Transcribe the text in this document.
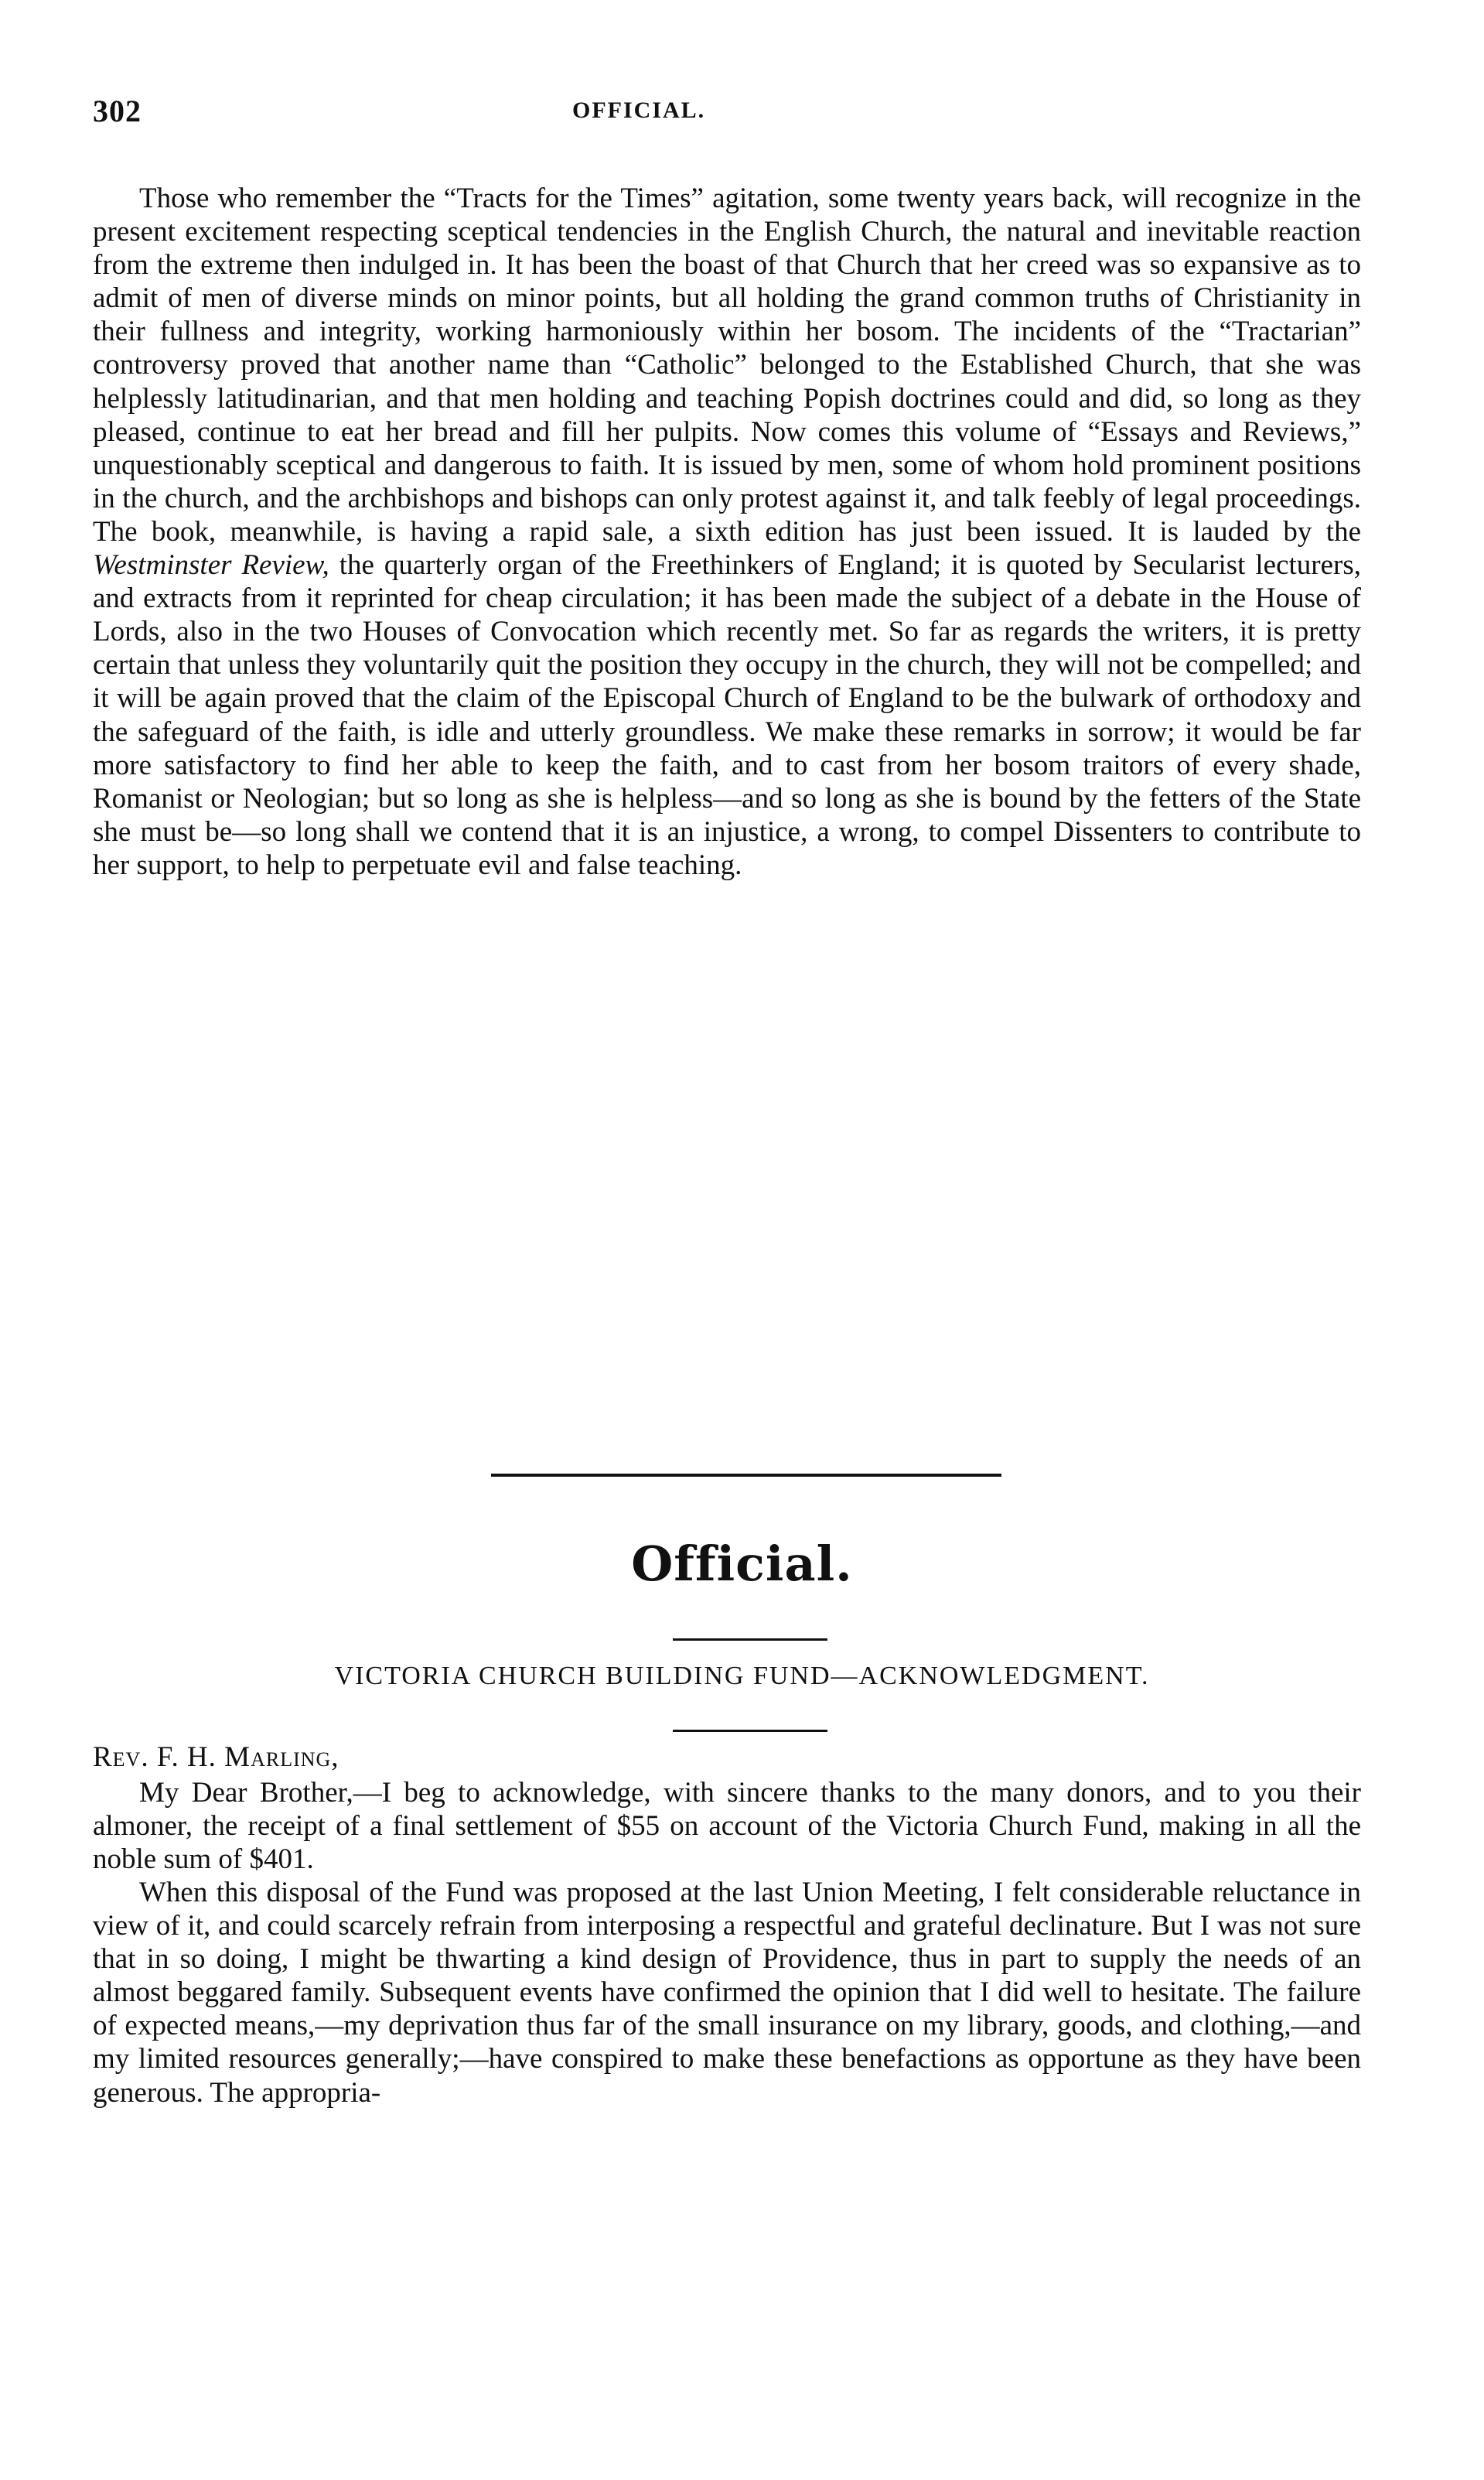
302	OFFICIAL.

Those who remember the “Tracts for the Times” agitation, some twenty years back, will recognize in the present excitement respecting sceptical tendencies in the English Church, the natural and inevitable reaction from the extreme then indulged in. It has been the boast of that Church that her creed was so expansive as to admit of men of diverse minds on minor points, but all holding the grand common truths of Christianity in their fullness and integrity, working harmoniously within her bosom. The incidents of the “Tractarian” controversy proved that another name than “Catholic” belonged to the Established Church, that she was helplessly latitudinarian, and that men holding and teaching Popish doctrines could and did, so long as they pleased, continue to eat her bread and fill her pulpits. Now comes this volume of “Essays and Reviews,” unquestionably sceptical and dangerous to faith. It is issued by men, some of whom hold prominent positions in the church, and the archbishops and bishops can only protest against it, and talk feebly of legal proceedings. The book, meanwhile, is having a rapid sale, a sixth edition has just been issued. It is lauded by the Westminster Review, the quarterly organ of the Freethinkers of England; it is quoted by Secularist lecturers, and extracts from it reprinted for cheap circulation; it has been made the subject of a debate in the House of Lords, also in the two Houses of Convocation which recently met. So far as regards the writers, it is pretty certain that unless they voluntarily quit the position they occupy in the church, they will not be compelled; and it will be again proved that the claim of the Episcopal Church of England to be the bulwark of orthodoxy and the safeguard of the faith, is idle and utterly groundless. We make these remarks in sorrow; it would be far more satisfactory to find her able to keep the faith, and to cast from her bosom traitors of every shade, Romanist or Neologian; but so long as she is helpless—and so long as she is bound by the fetters of the State she must be—so long shall we contend that it is an injustice, a wrong, to compel Dissenters to contribute to her support, to help to perpetuate evil and false teaching.

Official.
VICTORIA CHURCH BUILDING FUND—ACKNOWLEDGMENT.
Rev. F. H. Marling,

My Dear Brother,—I beg to acknowledge, with sincere thanks to the many donors, and to you their almoner, the receipt of a final settlement of $55 on account of the Victoria Church Fund, making in all the noble sum of $401.

When this disposal of the Fund was proposed at the last Union Meeting, I felt considerable reluctance in view of it, and could scarcely refrain from interposing a respectful and grateful declinature. But I was not sure that in so doing, I might be thwarting a kind design of Providence, thus in part to supply the needs of an almost beggared family. Subsequent events have confirmed the opinion that I did well to hesitate. The failure of expected means,—my deprivation thus far of the small insurance on my library, goods, and clothing,—and my limited resources generally;—have conspired to make these benefactions as opportune as they have been generous. The appropria-
